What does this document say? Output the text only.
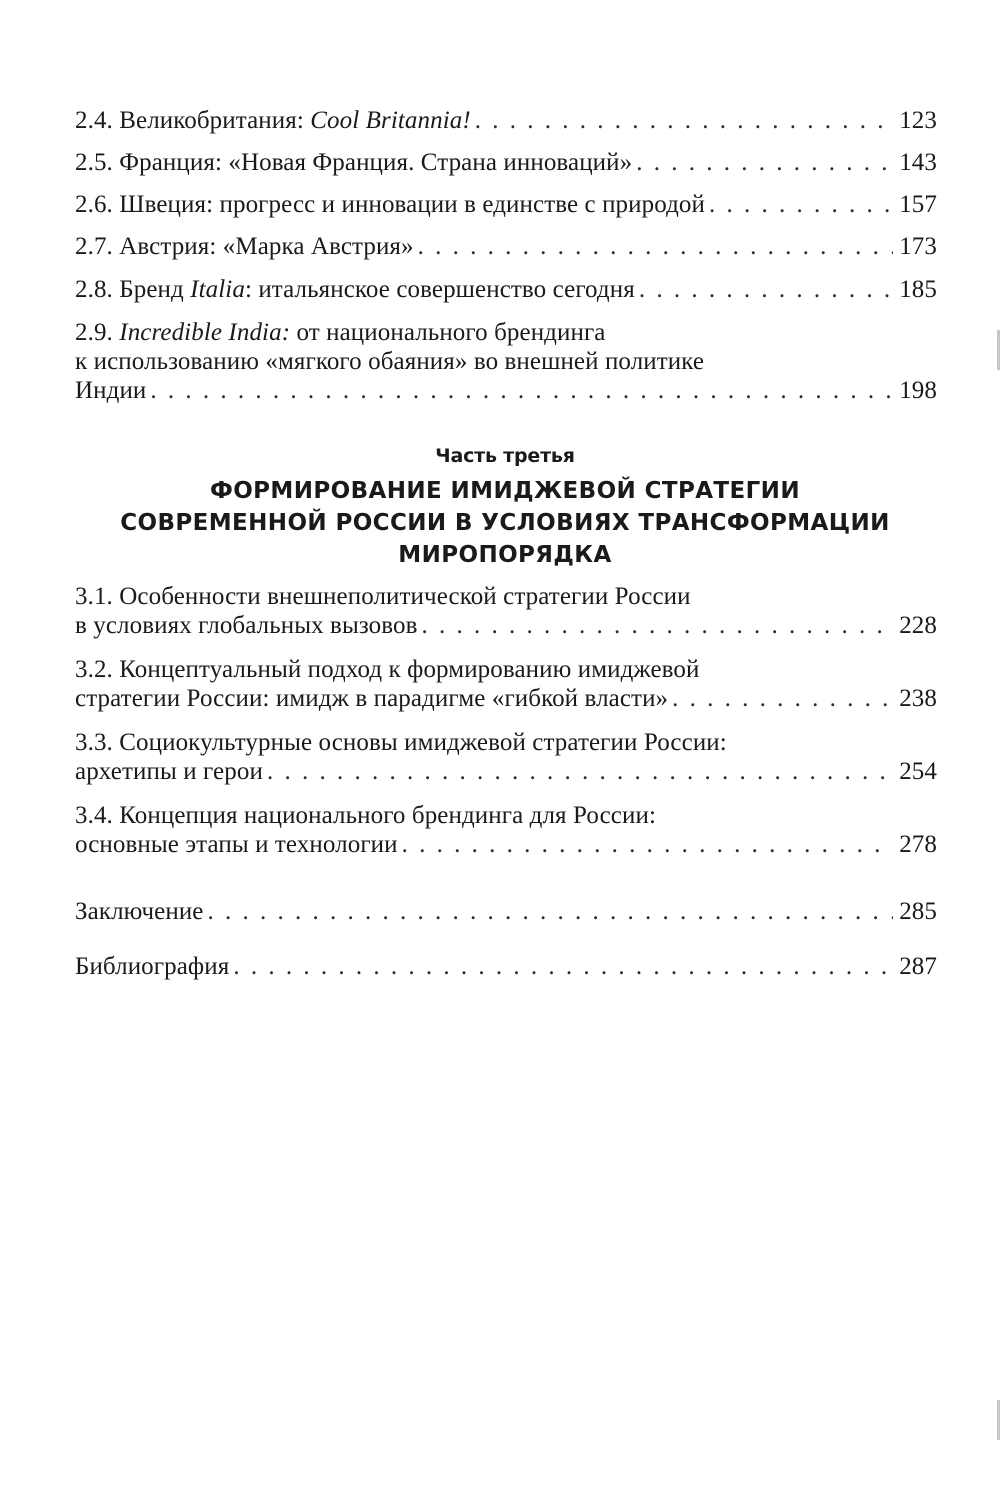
2.4. Великобритания: Cool Britannia! . . .	123
2.5. Франция: «Новая Франция. Страна инноваций» . . .	143
2.6. Швеция: прогресс и инновации в единстве с природой . . .	157
2.7. Австрия: «Марка Австрия» . . .	173
2.8. Бренд Italia: итальянское совершенство сегодня . . .	185
2.9. Incredible India: от национального брендинга
к использованию «мягкого обаяния» во внешней политике
Индии . . .	198
Часть третья
ФОРМИРОВАНИЕ ИМИДЖЕВОЙ СТРАТЕГИИ
СОВРЕМЕННОЙ РОССИИ В УСЛОВИЯХ ТРАНСФОРМАЦИИ
МИРОПОРЯДКА
3.1. Особенности внешнеполитической стратегии России
в условиях глобальных вызовов . . .	228
3.2. Концептуальный подход к формированию имиджевой
стратегии России: имидж в парадигме «гибкой власти» . . .	238
3.3. Социокультурные основы имиджевой стратегии России:
архетипы и герои . . .	254
3.4. Концепция национального брендинга для России:
основные этапы и технологии . . .	278
Заключение . . .	285
Библиография . . .	287
